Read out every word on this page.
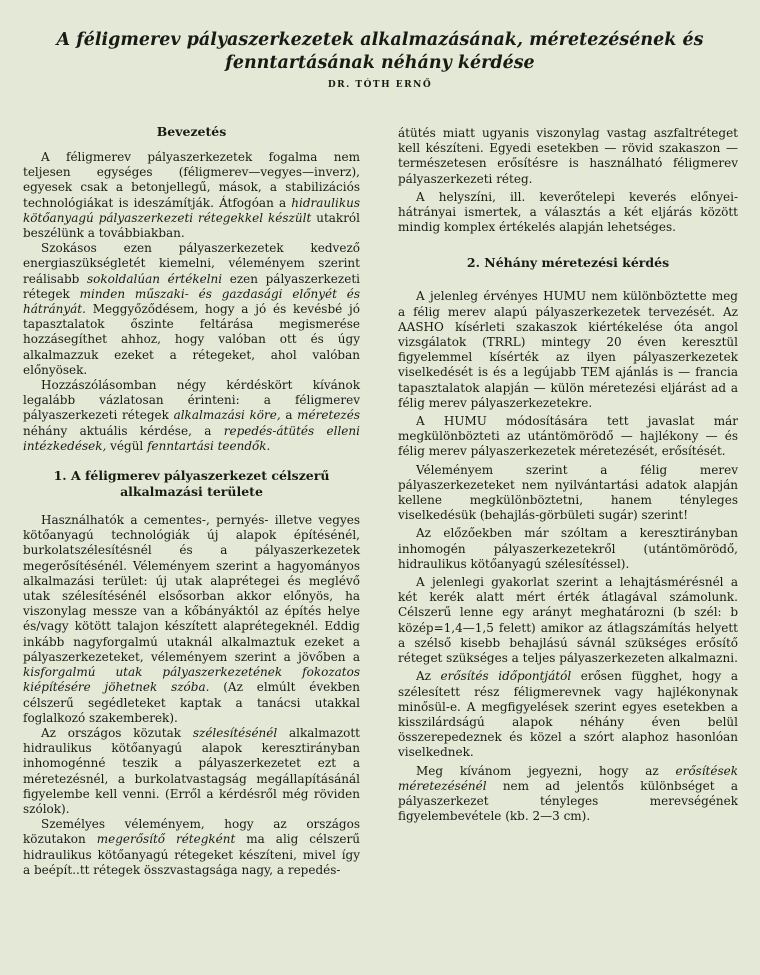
A féligmerev pályaszerkezetek alkalmazásának, méretezésének és
fenntartásának néhány kérdése
DR. TÓTH ERNŐ
Bevezetés

A féligmerev pályaszerkezetek fogalma nem teljesen egységes (féligmerev—vegyes—inverz), egyesek csak a betonjellegű, mások, a stabilizációs technológiákat is ideszámítják. Átfogóan a hidraulikus kötőanyagú pályaszerkezeti rétegekkel készült utakról beszélünk a továbbiakban.

Szokásos ezen pályaszerkezetek kedvező energiaszükségletét kiemelni, véleményem szerint reálisabb sokoldalúan értékelni ezen pályaszerkezeti rétegek minden műszaki- és gazdasági előnyét és hátrányát. Meggyőződésem, hogy a jó és kevésbé jó tapasztalatok őszinte feltárása megismerése hozzásegíthet ahhoz, hogy valóban ott és úgy alkalmazzuk ezeket a rétegeket, ahol valóban előnyösek.

Hozzászólásomban négy kérdéskört kívánok legalább vázlatosan érinteni: a féligmerev pályaszerkezeti rétegek alkalmazási köre, a méretezés néhány aktuális kérdése, a repedés-átütés elleni intézkedések, végül fenntartási teendők.

1. A féligmerev pályaszerkezet célszerű alkalmazási területe

Használhatók a cementes-, pernyés- illetve vegyes kötőanyagú technológiák új alapok építésénél, burkolatszélesítésnél és a pályaszerkezetek megerősítésénél. Véleményem szerint a hagyományos alkalmazási terület: új utak alaprétegei és meglévő utak szélesítésénél elsősorban akkor előnyös, ha viszonylag messze van a kőbányáktól az építés helye és/vagy kötött talajon készített alaprétegeknél. Eddig inkább nagyforgalmú utaknál alkalmaztuk ezeket a pályaszerkezeteket, véleményem szerint a jövőben a kisforgalmú utak pályaszerkezetének fokozatos kiépítésére jöhetnek szóba. (Az elmúlt években célszerű segédleteket kaptak a tanácsi utakkal foglalkozó szakemberek).

Az országos közutak szélesítésénél alkalmazott hidraulikus kötőanyagú alapok keresztirányban inhomogénné teszik a pályaszerkezetet ezt a méretezésnél, a burkolatvastagság megállapításánál figyelembe kell venni. (Erről a kérdésről még röviden szólok).

Személyes véleményem, hogy az országos közutakon megerősítő rétegként ma alig célszerű hidraulikus kötőanyagú rétegeket készíteni, mivel így a beépít..tt rétegek összvastagsága nagy, a repedés-

átütés miatt ugyanis viszonylag vastag aszfaltréteget kell készíteni. Egyedi esetekben — rövid szakaszon — természetesen erősítésre is használható féligmerev pályaszerkezeti réteg.

A helyszíni, ill. keverőtelepi keverés előnyei-hátrányai ismertek, a választás a két eljárás között mindig komplex értékelés alapján lehetséges.

2. Néhány méretezési kérdés

A jelenleg érvényes HUMU nem különböztette meg a félig merev alapú pályaszerkezetek tervezését. Az AASHO kísérleti szakaszok kiértékelése óta angol vizsgálatok (TRRL) mintegy 20 éven keresztül figyelemmel kísérték az ilyen pályaszerkezetek viselkedését is és a legújabb TEM ajánlás is — francia tapasztalatok alapján — külön méretezési eljárást ad a félig merev pályaszerkezetekre.

A HUMU módosítására tett javaslat már megkülönbözteti az utántömörödő — hajlékony — és félig merev pályaszerkezetek méretezését, erősítését.

Véleményem szerint a félig merev pályaszerkezeteket nem nyilvántartási adatok alapján kellene megkülönböztetni, hanem tényleges viselkedésük (behajlás-görbületi sugár) szerint!

Az előzőekben már szóltam a keresztirányban inhomogén pályaszerkezetekről (utántömörödő, hidraulikus kötőanyagú szélesítéssel).

A jelenlegi gyakorlat szerint a lehajtásmérésnél a két kerék alatt mért érték átlagával számolunk. Célszerű lenne egy arányt meghatározni (b szél: b közép=1,4—1,5 felett) amikor az átlagszámítás helyett a szélső kisebb behajlású sávnál szükséges erősítő réteget szükséges a teljes pályaszerkezeten alkalmazni.

Az erősítés időpontjától erősen függhet, hogy a szélesített rész féligmerevnek vagy hajlékonynak minősül-e. A megfigyelések szerint egyes esetekben a kisszilárdságú alapok néhány éven belül összerepedeznek és közel a szórt alaphoz hasonlóan viselkednek.

Meg kívánom jegyezni, hogy az erősítések méretezésénél nem ad jelentős különbséget a pályaszerkezet tényleges merevségének figyelembevétele (kb. 2—3 cm).
